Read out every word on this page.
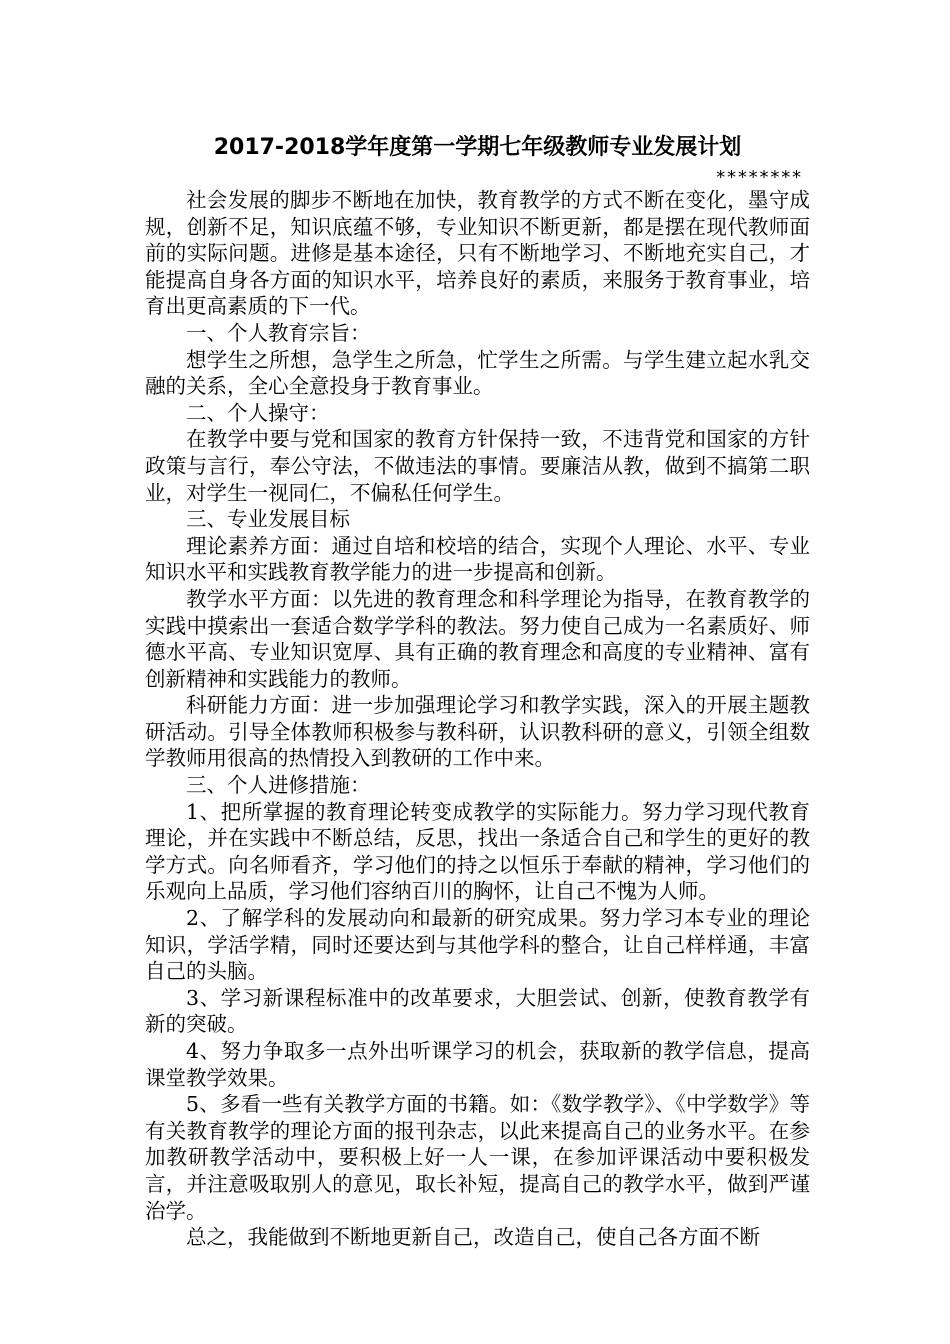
2017-2018学年度第一学期七年级教师专业发展计划
********

社会发展的脚步不断地在加快，教育教学的方式不断在变化，墨守成规，创新不足，知识底蕴不够，专业知识不断更新，都是摆在现代教师面前的实际问题。进修是基本途径，只有不断地学习、不断地充实自己，才能提高自身各方面的知识水平，培养良好的素质，来服务于教育事业，培育出更高素质的下一代。

一、个人教育宗旨：

想学生之所想，急学生之所急，忙学生之所需。与学生建立起水乳交融的关系，全心全意投身于教育事业。

二、个人操守：

在教学中要与党和国家的教育方针保持一致，不违背党和国家的方针政策与言行，奉公守法，不做违法的事情。要廉洁从教，做到不搞第二职业，对学生一视同仁，不偏私任何学生。

三、专业发展目标

理论素养方面：通过自培和校培的结合，实现个人理论、水平、专业知识水平和实践教育教学能力的进一步提高和创新。

教学水平方面：以先进的教育理念和科学理论为指导，在教育教学的实践中摸索出一套适合数学学科的教法。努力使自己成为一名素质好、师德水平高、专业知识宽厚、具有正确的教育理念和高度的专业精神、富有创新精神和实践能力的教师。

科研能力方面：进一步加强理论学习和教学实践，深入的开展主题教研活动。引导全体教师积极参与教科研，认识教科研的意义，引领全组数学教师用很高的热情投入到教研的工作中来。

三、个人进修措施：

1、把所掌握的教育理论转变成教学的实际能力。努力学习现代教育理论，并在实践中不断总结，反思，找出一条适合自己和学生的更好的教学方式。向名师看齐，学习他们的持之以恒乐于奉献的精神，学习他们的乐观向上品质，学习他们容纳百川的胸怀，让自己不愧为人师。

2、了解学科的发展动向和最新的研究成果。努力学习本专业的理论知识，学活学精，同时还要达到与其他学科的整合，让自己样样通，丰富自己的头脑。

3、学习新课程标准中的改革要求，大胆尝试、创新，使教育教学有新的突破。

4、努力争取多一点外出听课学习的机会，获取新的教学信息，提高课堂教学效果。

5、多看一些有关教学方面的书籍。如：《数学教学》、《中学数学》等有关教育教学的理论方面的报刊杂志，以此来提高自己的业务水平。在参加教研教学活动中，要积极上好一人一课，在参加评课活动中要积极发言，并注意吸取别人的意见，取长补短，提高自己的教学水平，做到严谨治学。

总之，我能做到不断地更新自己，改造自己，使自己各方面不断
